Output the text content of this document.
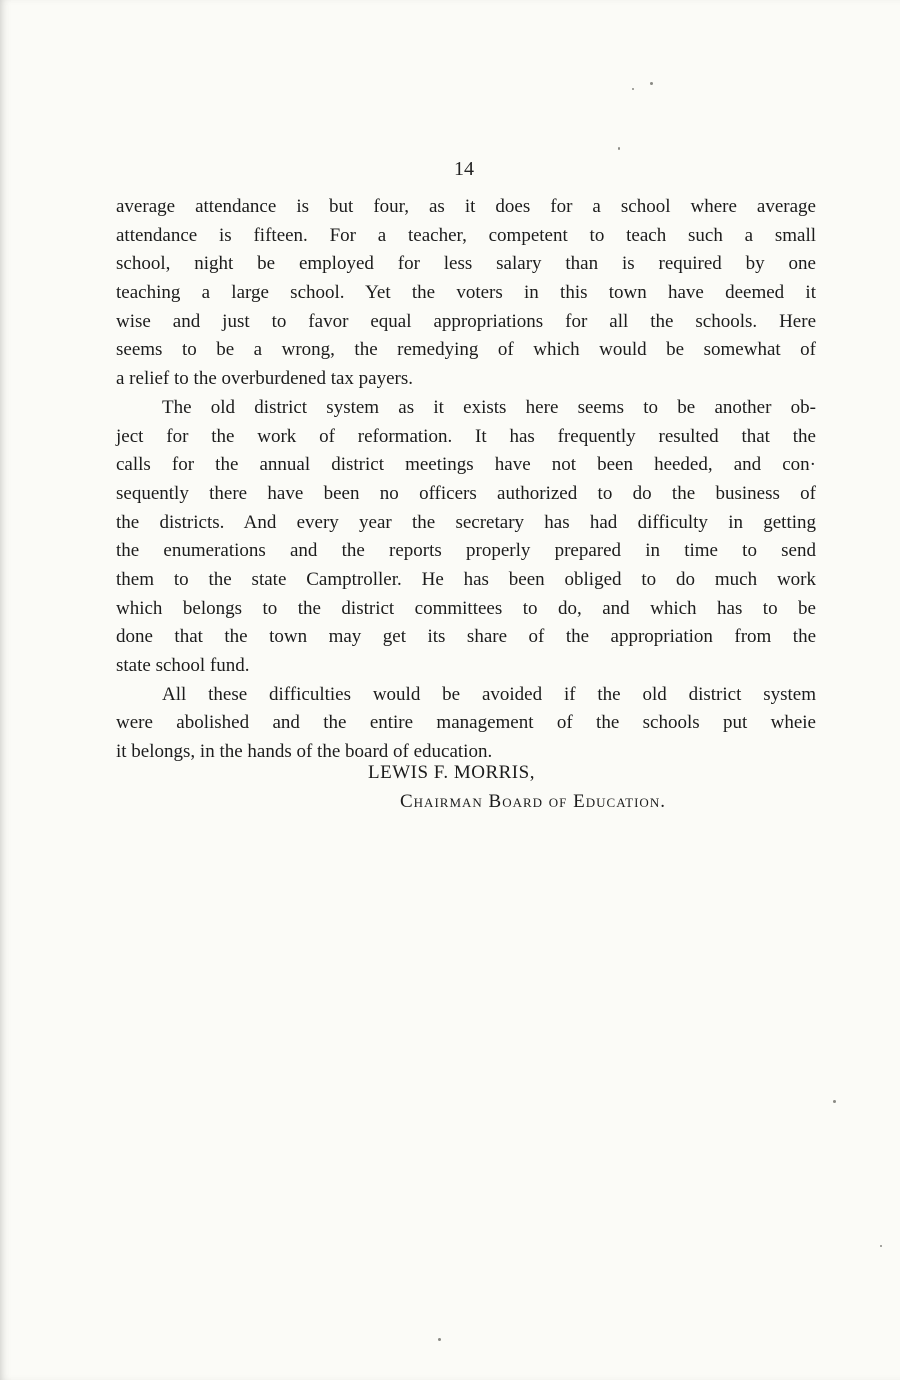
14
average attendance is but four, as it does for a school where average
attendance is fifteen. For a teacher, competent to teach such a small
school, night be employed for less salary than is required by one
teaching a large school. Yet the voters in this town have deemed it
wise and just to favor equal appropriations for all the schools. Here
seems to be a wrong, the remedying of which would be somewhat of
a relief to the overburdened tax payers.
The old district system as it exists here seems to be another ob-
ject for the work of reformation. It has frequently resulted that the
calls for the annual district meetings have not been heeded, and con·
sequently there have been no officers authorized to do the business of
the districts. And every year the secretary has had difficulty in getting
the enumerations and the reports properly prepared in time to send
them to the state Camptroller. He has been obliged to do much work
which belongs to the district committees to do, and which has to be
done that the town may get its share of the appropriation from the
state school fund.
All these difficulties would be avoided if the old district system
were abolished and the entire management of the schools put wheie
it belongs, in the hands of the board of education.
LEWIS F. MORRIS,
Chairman Board of Education.
